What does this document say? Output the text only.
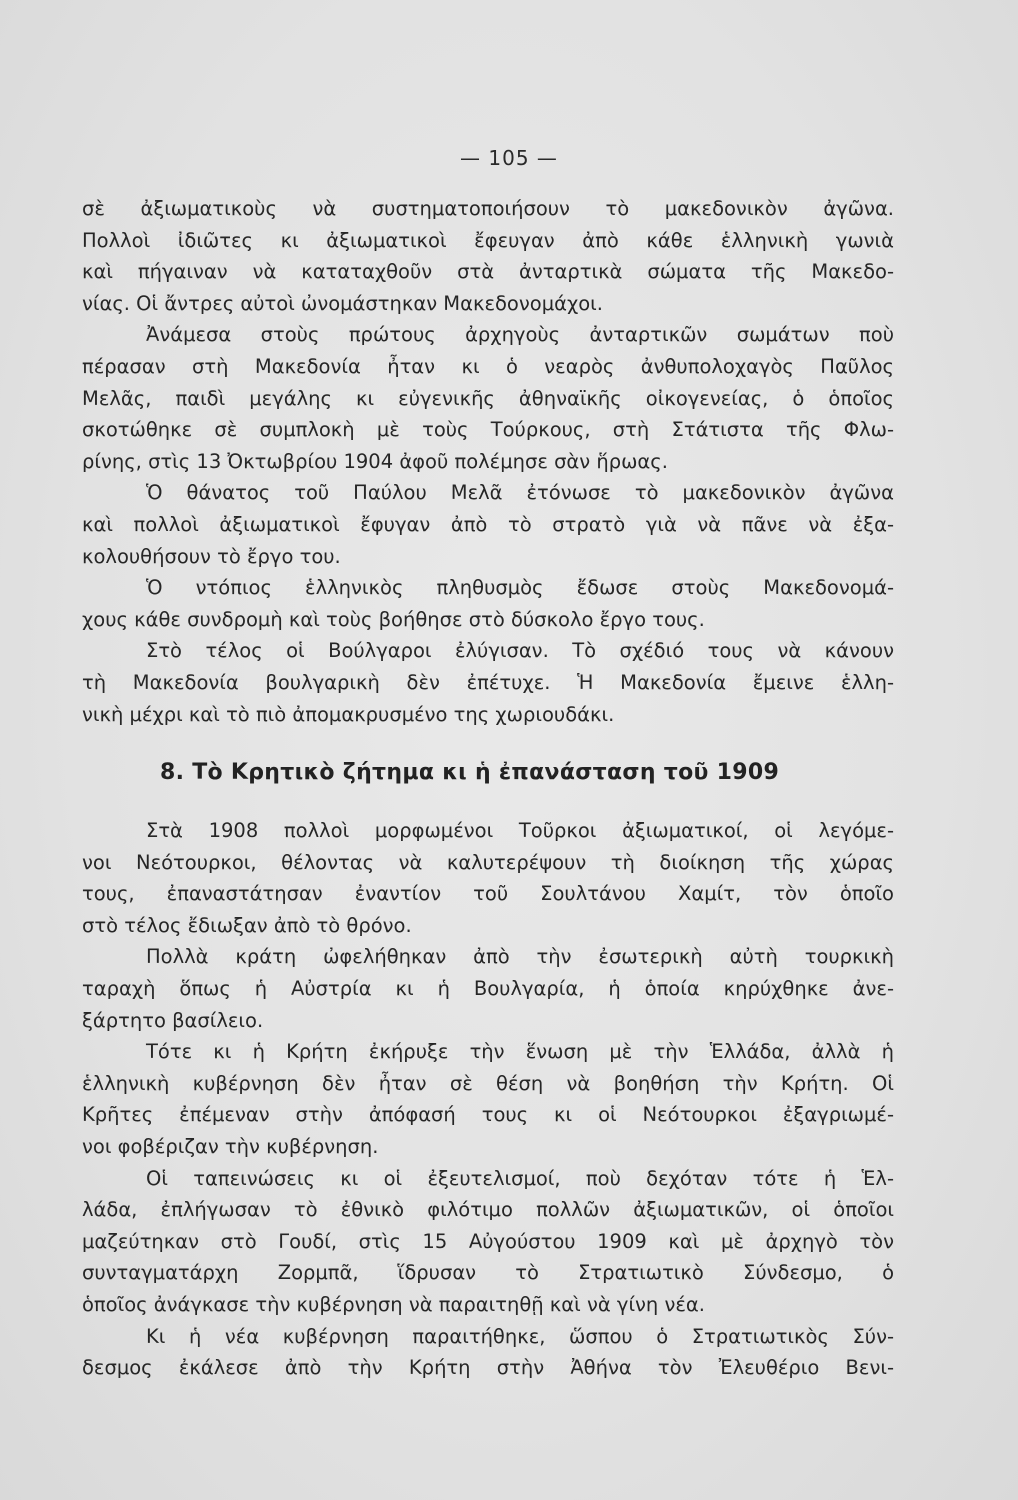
— 105 —
σὲ ἀξιωματικοὺς νὰ συστηματοποιήσουν τὸ μακεδονικὸν ἀγῶνα.
Πολλοὶ ἰδιῶτες κι ἀξιωματικοὶ ἔφευγαν ἀπὸ κάθε ἑλληνικὴ γωνιὰ
καὶ πήγαιναν νὰ καταταχθοῦν στὰ ἀνταρτικὰ σώματα τῆς Μακεδο-
νίας. Οἱ ἄντρες αὐτοὶ ὠνομάστηκαν Μακεδονομάχοι.
Ἀνάμεσα στοὺς πρώτους ἀρχηγοὺς ἀνταρτικῶν σωμάτων ποὺ
πέρασαν στὴ Μακεδονία ἦταν κι ὁ νεαρὸς ἀνθυπολοχαγὸς Παῦλος
Μελᾶς, παιδὶ μεγάλης κι εὐγενικῆς ἀθηναϊκῆς οἰκογενείας, ὁ ὁποῖος
σκοτώθηκε σὲ συμπλοκὴ μὲ τοὺς Τούρκους, στὴ Στάτιστα τῆς Φλω-
ρίνης, στὶς 13 Ὀκτωβρίου 1904 ἀφοῦ πολέμησε σὰν ἥρωας.
Ὁ θάνατος τοῦ Παύλου Μελᾶ ἐτόνωσε τὸ μακεδονικὸν ἀγῶνα
καὶ πολλοὶ ἀξιωματικοὶ ἔφυγαν ἀπὸ τὸ στρατὸ γιὰ νὰ πᾶνε νὰ ἐξα-
κολουθήσουν τὸ ἔργο του.
Ὁ ντόπιος ἑλληνικὸς πληθυσμὸς ἔδωσε στοὺς Μακεδονομά-
χους κάθε συνδρομὴ καὶ τοὺς βοήθησε στὸ δύσκολο ἔργο τους.
Στὸ τέλος οἱ Βούλγαροι ἐλύγισαν. Τὸ σχέδιό τους νὰ κάνουν
τὴ Μακεδονία βουλγαρικὴ δὲν ἐπέτυχε. Ἡ Μακεδονία ἔμεινε ἑλλη-
νικὴ μέχρι καὶ τὸ πιὸ ἀπομακρυσμένο της χωριουδάκι.
8. Τὸ Κρητικὸ ζήτημα κι ἡ ἐπανάσταση τοῦ 1909
Στὰ 1908 πολλοὶ μορφωμένοι Τοῦρκοι ἀξιωματικοί, οἱ λεγόμε-
νοι Νεότουρκοι, θέλοντας νὰ καλυτερέψουν τὴ διοίκηση τῆς χώρας
τους, ἐπαναστάτησαν ἐναντίον τοῦ Σουλτάνου Χαμίτ, τὸν ὁποῖο
στὸ τέλος ἔδιωξαν ἀπὸ τὸ θρόνο.
Πολλὰ κράτη ὠφελήθηκαν ἀπὸ τὴν ἐσωτερικὴ αὐτὴ τουρκικὴ
ταραχὴ ὅπως ἡ Αὐστρία κι ἡ Βουλγαρία, ἡ ὁποία κηρύχθηκε ἀνε-
ξάρτητο βασίλειο.
Τότε κι ἡ Κρήτη ἐκήρυξε τὴν ἕνωση μὲ τὴν Ἑλλάδα, ἀλλὰ ἡ
ἑλληνικὴ κυβέρνηση δὲν ἦταν σὲ θέση νὰ βοηθήση τὴν Κρήτη. Οἱ
Κρῆτες ἐπέμεναν στὴν ἀπόφασή τους κι οἱ Νεότουρκοι ἐξαγριωμέ-
νοι φοβέριζαν τὴν κυβέρνηση.
Οἱ ταπεινώσεις κι οἱ ἐξευτελισμοί, ποὺ δεχόταν τότε ἡ Ἑλ-
λάδα, ἐπλήγωσαν τὸ ἐθνικὸ φιλότιμο πολλῶν ἀξιωματικῶν, οἱ ὁποῖοι
μαζεύτηκαν στὸ Γουδί, στὶς 15 Αὐγούστου 1909 καὶ μὲ ἀρχηγὸ τὸν
συνταγματάρχη Ζορμπᾶ, ἵδρυσαν τὸ Στρατιωτικὸ Σύνδεσμο, ὁ
ὁποῖος ἀνάγκασε τὴν κυβέρνηση νὰ παραιτηθῇ καὶ νὰ γίνη νέα.
Κι ἡ νέα κυβέρνηση παραιτήθηκε, ὥσπου ὁ Στρατιωτικὸς Σύν-
δεσμος ἐκάλεσε ἀπὸ τὴν Κρήτη στὴν Ἀθήνα τὸν Ἐλευθέριο Βενι-
